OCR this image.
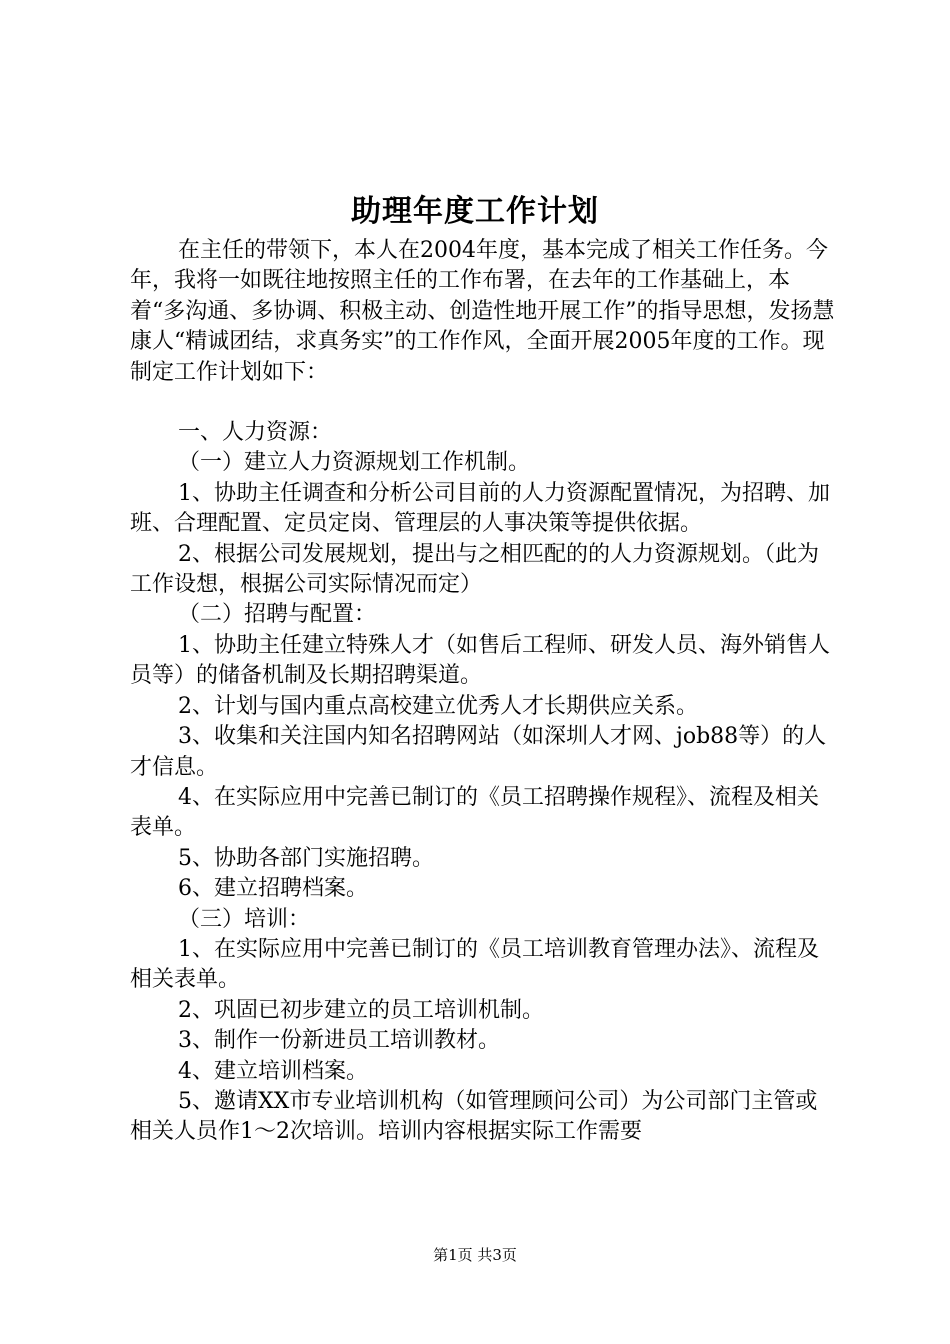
助理年度工作计划

在主任的带领下，本人在2004年度，基本完成了相关工作任务。今年，我将一如既往地按照主任的工作布署，在去年的工作基础上，本着“多沟通、多协调、积极主动、创造性地开展工作”的指导思想，发扬慧康人“精诚团结，求真务实”的工作作风，全面开展2005年度的工作。现制定工作计划如下：

一、人力资源：

（一）建立人力资源规划工作机制。

1、协助主任调查和分析公司目前的人力资源配置情况，为招聘、加班、合理配置、定员定岗、管理层的人事决策等提供依据。

2、根据公司发展规划，提出与之相匹配的的人力资源规划。（此为工作设想，根据公司实际情况而定）

（二）招聘与配置：

1、协助主任建立特殊人才（如售后工程师、研发人员、海外销售人员等）的储备机制及长期招聘渠道。

2、计划与国内重点高校建立优秀人才长期供应关系。

3、收集和关注国内知名招聘网站（如深圳人才网、job88等）的人才信息。

4、在实际应用中完善已制订的《员工招聘操作规程》、流程及相关表单。

5、协助各部门实施招聘。

6、建立招聘档案。

（三）培训：

1、在实际应用中完善已制订的《员工培训教育管理办法》、流程及相关表单。

2、巩固已初步建立的员工培训机制。

3、制作一份新进员工培训教材。

4、建立培训档案。

5、邀请XX市专业培训机构（如管理顾问公司）为公司部门主管或相关人员作1～2次培训。培训内容根据实际工作需要

第1页 共3页
